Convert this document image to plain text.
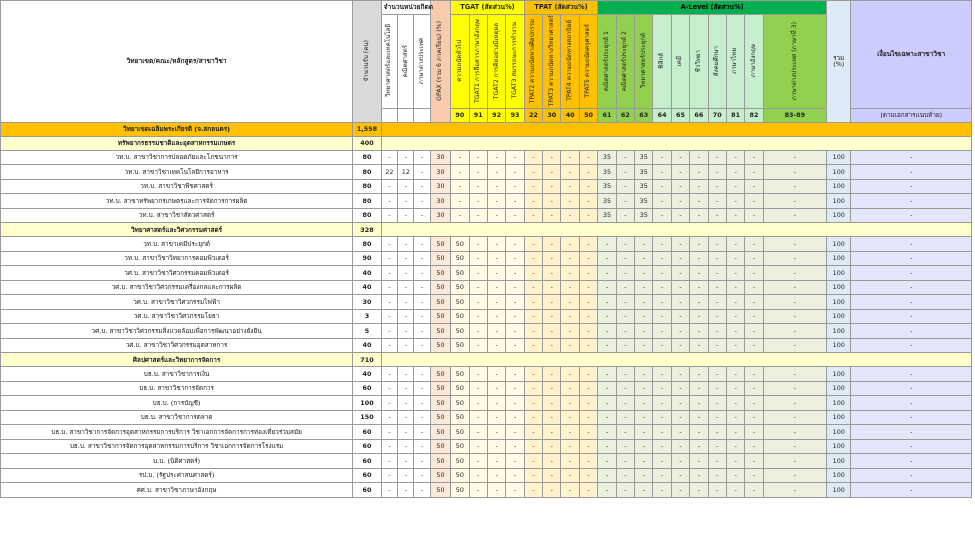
วิทยาเขต/คณะ/หลักสูตร/สาขาวิชา	จำนวนรับ (คน)	จำนวนหน่วยกิตต			GPAX (รวม 6 ภาคเรียน) (%)	TGAT (สัดส่วน%)				TPAT (สัดส่วน%)				A-Level (สัดส่วน%)										รวม (%)	เงื่อนไขเฉพาะสาขาวิชา
		วิทยาศาสตร์และเทคโนโลยี	คณิตศาสตร์	ภาษาต่างประเทศ		ความถนัดทั่วไป	TGAT1 การสื่อสารภาษาอังกฤษ	TGAT2 การคิดอย่างมีเหตุผล	TGAT3 สมรรถนะการทำงาน	TPAT2 ความถนัดทางศิลปกรรม	TPAT3 ความถนัดทางวิทยาศาสตร์	TPAT4 ความถนัดทางสถาปัตย์	TPAT5 ความถนัดครุศาสตร์	คณิตศาสตร์ประยุกต์ 1	คณิตศาสตร์ประยุกต์ 2	วิทยาศาสตร์ประยุกต์	ฟิสิกส์	เคมี	ชีววิทยา	สังคมศึกษา	ภาษาไทย	ภาษาอังกฤษ	ภาษาต่างประเทศ (ภาษาที่ 3)		
						90	91	92	93	22	30	40	50	61	62	63	64	65	66	70	81	82	83-89		(ตามเอกสารแนบท้าย)
วิทยาเขตเฉลิมพระเกียรติ (จ.สกลนคร)	1,558																								
ทรัพยากรธรรมชาติและอุตสาหกรรมเกษตร	400																								
วท.บ. สาขาวิชาการปลอดภัยและโภชนาการ	80	-	-	-	30	-	-	-	-	-	-	-	-	35	-	35	-	-	-	-	-	-	-	100	-
วท.บ. สาขาวิชาเทคโนโลยีการอาหาร	80	22	12	-	30	-	-	-	-	-	-	-	-	35	-	35	-	-	-	-	-	-	-	100	-
วท.บ. สาขาวิชาพืชศาสตร์	80	-	-	-	30	-	-	-	-	-	-	-	-	35	-	35	-	-	-	-	-	-	-	100	-
วท.บ. สาขาทรัพยากรเกษตรและการจัดการการผลิต	80	-	-	-	30	-	-	-	-	-	-	-	-	35	-	35	-	-	-	-	-	-	-	100	-
วท.บ. สาขาวิชาสัตวศาสตร์	80	-	-	-	30	-	-	-	-	-	-	-	-	35	-	35	-	-	-	-	-	-	-	100	-
วิทยาศาสตร์และวิศวกรรมศาสตร์	328																								
วท.บ. สาขาเคมีประยุกต์	80	-	-	-	50	50	-	-	-	-	-	-	-	-	-	-	-	-	-	-	-	-	-	100	-
วท.บ. สาขาวิชาวิทยาการคอมพิวเตอร์	90	-	-	-	50	50	-	-	-	-	-	-	-	-	-	-	-	-	-	-	-	-	-	100	-
วศ.บ. สาขาวิชาวิศวกรรมคอมพิวเตอร์	40	-	-	-	50	50	-	-	-	-	-	-	-	-	-	-	-	-	-	-	-	-	-	100	-
วศ.บ. สาขาวิชาวิศวกรรมเครื่องกลและการผลิต	40	-	-	-	50	50	-	-	-	-	-	-	-	-	-	-	-	-	-	-	-	-	-	100	-
วศ.บ. สาขาวิชาวิศวกรรมไฟฟ้า	30	-	-	-	50	50	-	-	-	-	-	-	-	-	-	-	-	-	-	-	-	-	-	100	-
วศ.บ. สาขาวิชาวิศวกรรมโยธา	3	-	-	-	50	50	-	-	-	-	-	-	-	-	-	-	-	-	-	-	-	-	-	100	-
วศ.บ. สาขาวิชาวิศวกรรมสิ่งแวดล้อมเพื่อการพัฒนาอย่างยั่งยืน	5	-	-	-	50	50	-	-	-	-	-	-	-	-	-	-	-	-	-	-	-	-	-	100	-
วศ.บ. สาขาวิชาวิศวกรรมอุตสาหการ	40	-	-	-	50	50	-	-	-	-	-	-	-	-	-	-	-	-	-	-	-	-	-	100	-
ศิลปศาสตร์และวิทยาการจัดการ	710																								
บธ.บ. สาขาวิชาการเงิน	40	-	-	-	50	50	-	-	-	-	-	-	-	-	-	-	-	-	-	-	-	-	-	100	-
บธ.บ. สาขาวิชาการจัดการ	60	-	-	-	50	50	-	-	-	-	-	-	-	-	-	-	-	-	-	-	-	-	-	100	-
บธ.บ. (การบัญชี)	100	-	-	-	50	50	-	-	-	-	-	-	-	-	-	-	-	-	-	-	-	-	-	100	-
บธ.บ. สาขาวิชาการตลาด	150	-	-	-	50	50	-	-	-	-	-	-	-	-	-	-	-	-	-	-	-	-	-	100	-
บธ.บ. สาขาวิชาการจัดการอุตสาหกรรมการบริการ วิชาเอกการจัดการการท่องเที่ยวร่วมสมัย	60	-	-	-	50	50	-	-	-	-	-	-	-	-	-	-	-	-	-	-	-	-	-	100	-
บธ.บ. สาขาวิชาการจัดการอุตสาหกรรมการบริการ วิชาเอกการจัดการโรงแรม	60	-	-	-	50	50	-	-	-	-	-	-	-	-	-	-	-	-	-	-	-	-	-	100	-
น.บ. (นิติศาสตร์)	60	-	-	-	50	50	-	-	-	-	-	-	-	-	-	-	-	-	-	-	-	-	-	100	-
รป.บ. (รัฐประศาสนศาสตร์)	60	-	-	-	50	50	-	-	-	-	-	-	-	-	-	-	-	-	-	-	-	-	-	100	-
ศศ.บ. สาขาวิชาภาษาอังกฤษ	60	-	-	-	50	50	-	-	-	-	-	-	-	-	-	-	-	-	-	-	-	-	-	100	-
